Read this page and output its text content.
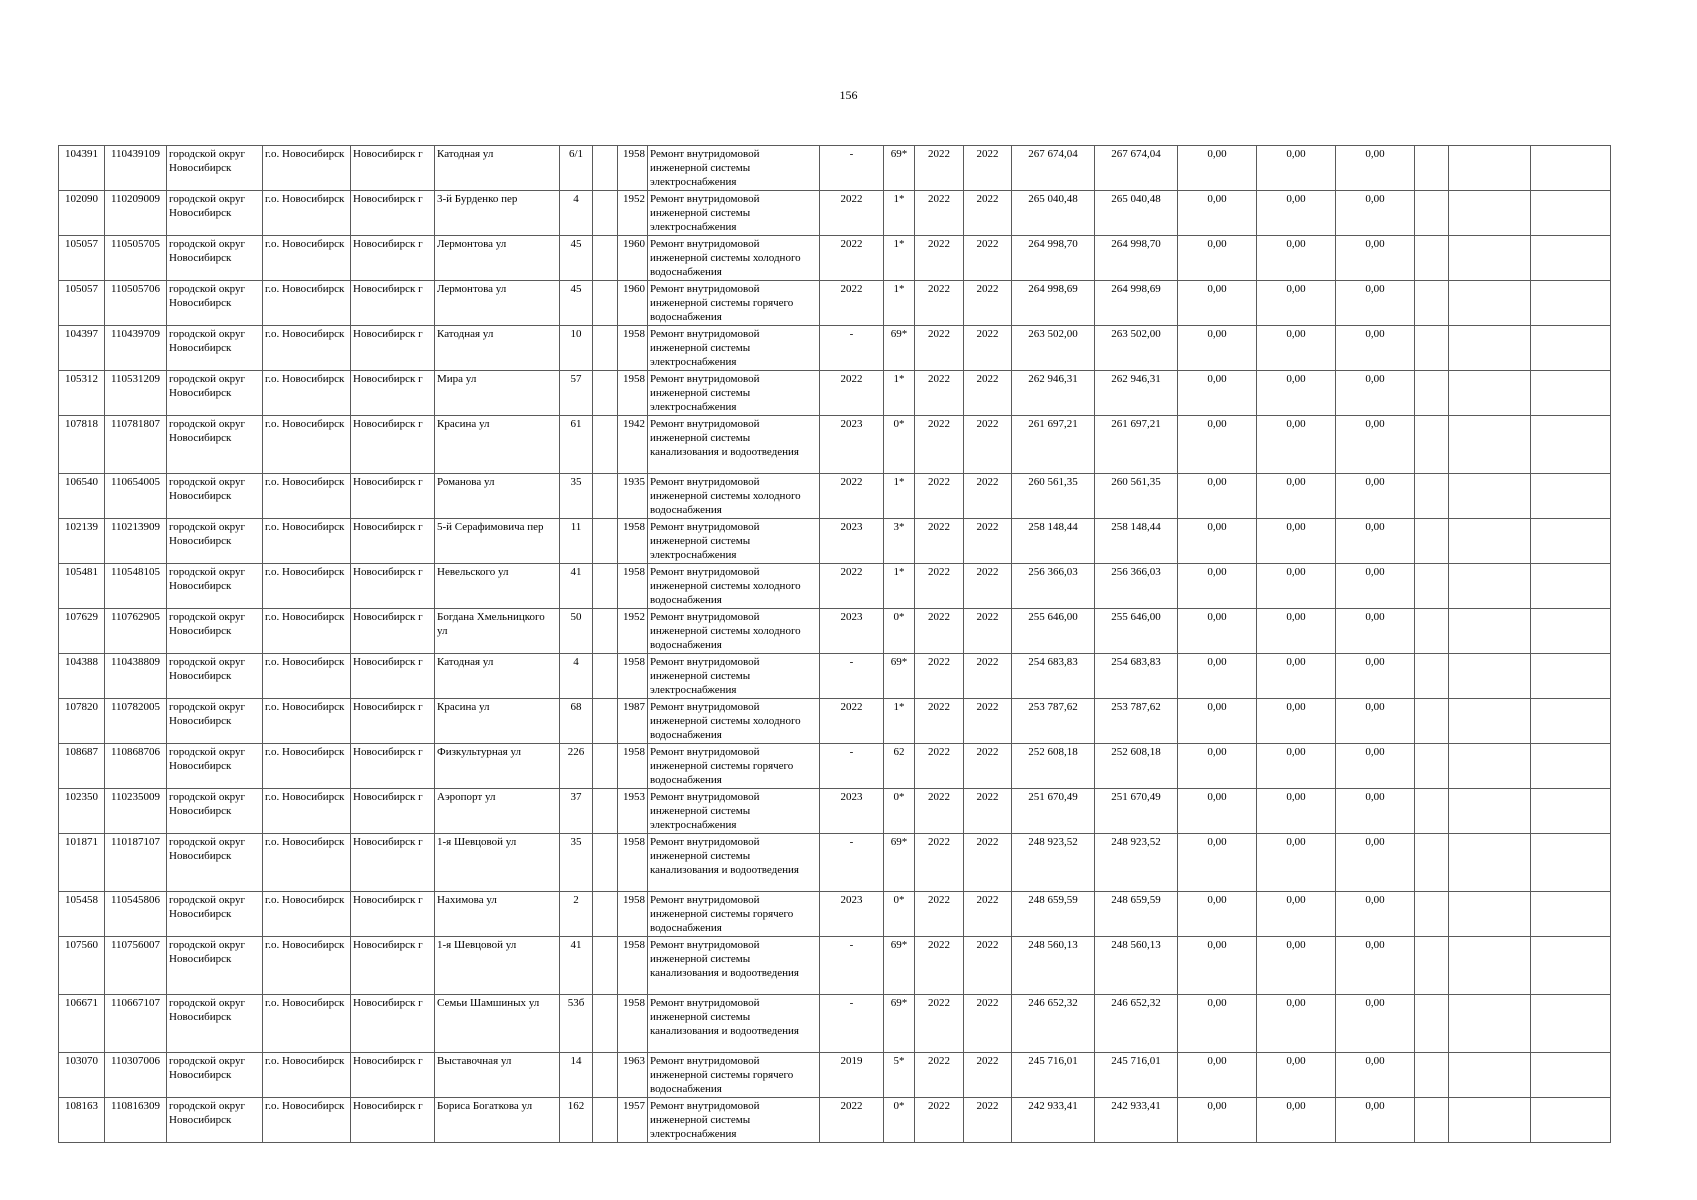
156
104391	110439109	городской округ Новосибирск	г.о. Новосибирск	Новосибирск г	Катодная ул	6/1		1958	Ремонт внутридомовой инженерной системы электроснабжения	-	69*	2022	2022	267 674,04	267 674,04	0,00	0,00	0,00			
102090	110209009	городской округ Новосибирск	г.о. Новосибирск	Новосибирск г	3-й Бурденко пер	4		1952	Ремонт внутридомовой инженерной системы электроснабжения	2022	1*	2022	2022	265 040,48	265 040,48	0,00	0,00	0,00			
105057	110505705	городской округ Новосибирск	г.о. Новосибирск	Новосибирск г	Лермонтова ул	45		1960	Ремонт внутридомовой инженерной системы холодного водоснабжения	2022	1*	2022	2022	264 998,70	264 998,70	0,00	0,00	0,00			
105057	110505706	городской округ Новосибирск	г.о. Новосибирск	Новосибирск г	Лермонтова ул	45		1960	Ремонт внутридомовой инженерной системы горячего водоснабжения	2022	1*	2022	2022	264 998,69	264 998,69	0,00	0,00	0,00			
104397	110439709	городской округ Новосибирск	г.о. Новосибирск	Новосибирск г	Катодная ул	10		1958	Ремонт внутридомовой инженерной системы электроснабжения	-	69*	2022	2022	263 502,00	263 502,00	0,00	0,00	0,00			
105312	110531209	городской округ Новосибирск	г.о. Новосибирск	Новосибирск г	Мира ул	57		1958	Ремонт внутридомовой инженерной системы электроснабжения	2022	1*	2022	2022	262 946,31	262 946,31	0,00	0,00	0,00			
107818	110781807	городской округ Новосибирск	г.о. Новосибирск	Новосибирск г	Красина ул	61		1942	Ремонт внутридомовой инженерной системы канализования и водоотведения	2023	0*	2022	2022	261 697,21	261 697,21	0,00	0,00	0,00			
106540	110654005	городской округ Новосибирск	г.о. Новосибирск	Новосибирск г	Романова ул	35		1935	Ремонт внутридомовой инженерной системы холодного водоснабжения	2022	1*	2022	2022	260 561,35	260 561,35	0,00	0,00	0,00			
102139	110213909	городской округ Новосибирск	г.о. Новосибирск	Новосибирск г	5-й Серафимовича пер	11		1958	Ремонт внутридомовой инженерной системы электроснабжения	2023	3*	2022	2022	258 148,44	258 148,44	0,00	0,00	0,00			
105481	110548105	городской округ Новосибирск	г.о. Новосибирск	Новосибирск г	Невельского ул	41		1958	Ремонт внутридомовой инженерной системы холодного водоснабжения	2022	1*	2022	2022	256 366,03	256 366,03	0,00	0,00	0,00			
107629	110762905	городской округ Новосибирск	г.о. Новосибирск	Новосибирск г	Богдана Хмельницкого ул	50		1952	Ремонт внутридомовой инженерной системы холодного водоснабжения	2023	0*	2022	2022	255 646,00	255 646,00	0,00	0,00	0,00			
104388	110438809	городской округ Новосибирск	г.о. Новосибирск	Новосибирск г	Катодная ул	4		1958	Ремонт внутридомовой инженерной системы электроснабжения	-	69*	2022	2022	254 683,83	254 683,83	0,00	0,00	0,00			
107820	110782005	городской округ Новосибирск	г.о. Новосибирск	Новосибирск г	Красина ул	68		1987	Ремонт внутридомовой инженерной системы холодного водоснабжения	2022	1*	2022	2022	253 787,62	253 787,62	0,00	0,00	0,00			
108687	110868706	городской округ Новосибирск	г.о. Новосибирск	Новосибирск г	Физкультурная ул	226		1958	Ремонт внутридомовой инженерной системы горячего водоснабжения	-	62	2022	2022	252 608,18	252 608,18	0,00	0,00	0,00			
102350	110235009	городской округ Новосибирск	г.о. Новосибирск	Новосибирск г	Аэропорт ул	37		1953	Ремонт внутридомовой инженерной системы электроснабжения	2023	0*	2022	2022	251 670,49	251 670,49	0,00	0,00	0,00			
101871	110187107	городской округ Новосибирск	г.о. Новосибирск	Новосибирск г	1-я Шевцовой ул	35		1958	Ремонт внутридомовой инженерной системы канализования и водоотведения	-	69*	2022	2022	248 923,52	248 923,52	0,00	0,00	0,00			
105458	110545806	городской округ Новосибирск	г.о. Новосибирск	Новосибирск г	Нахимова ул	2		1958	Ремонт внутридомовой инженерной системы горячего водоснабжения	2023	0*	2022	2022	248 659,59	248 659,59	0,00	0,00	0,00			
107560	110756007	городской округ Новосибирск	г.о. Новосибирск	Новосибирск г	1-я Шевцовой ул	41		1958	Ремонт внутридомовой инженерной системы канализования и водоотведения	-	69*	2022	2022	248 560,13	248 560,13	0,00	0,00	0,00			
106671	110667107	городской округ Новосибирск	г.о. Новосибирск	Новосибирск г	Семьи Шамшиных ул	53б		1958	Ремонт внутридомовой инженерной системы канализования и водоотведения	-	69*	2022	2022	246 652,32	246 652,32	0,00	0,00	0,00			
103070	110307006	городской округ Новосибирск	г.о. Новосибирск	Новосибирск г	Выставочная ул	14		1963	Ремонт внутридомовой инженерной системы горячего водоснабжения	2019	5*	2022	2022	245 716,01	245 716,01	0,00	0,00	0,00			
108163	110816309	городской округ Новосибирск	г.о. Новосибирск	Новосибирск г	Бориса Богаткова ул	162		1957	Ремонт внутридомовой инженерной системы электроснабжения	2022	0*	2022	2022	242 933,41	242 933,41	0,00	0,00	0,00			
